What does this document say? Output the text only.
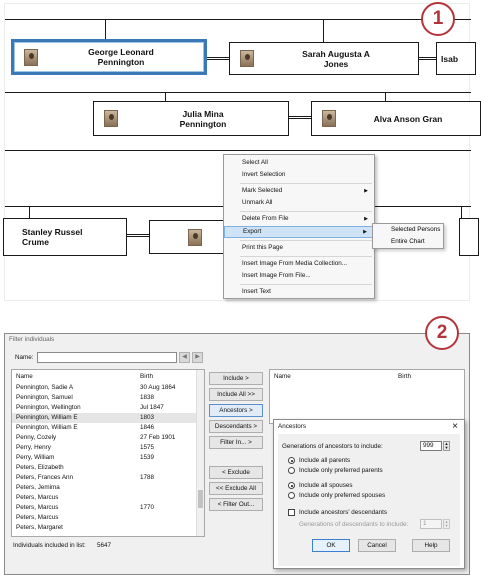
George Leonard
Pennington
Sarah Augusta A
Jones	Isab
Julia Mina
Pennington	Alva Anson Gran
Stanley Russel
Crume
1
Select All
Invert Selection
Mark Selected	▶
Unmark All
Delete From File	▶
Export	▶
Print this Page
Insert Image From Media Collection...
Insert Image From File...
Insert Text
Selected Persons
Entire Chart
Filter individuals
Name:	◀	▶
Name	Birth
Pennington, Sadie A	30 Aug 1864
Pennington, Samuel	1838
Pennington, Wellington	Jul 1847
Pennington, William E	1803
Pennington, William E	1846
Penny, Cozely	27 Feb 1901
Perry, Henry	1575
Perry, William	1539
Peters, Elizabeth
Peters, Frances Ann	1788
Peters, Jemima
Peters, Marcus
Peters, Marcus	1770
Peters, Marcus
Peters, Margaret
Individuals included in list: 5647
Include >
Include All >>
Ancestors >
Descendants >
Filter In... >
< Exclude
<< Exclude All
< Filter Out...
Name	Birth
2
Ancestors	×
Generations of ancestors to include:	999	▲
▼
Include all parents
Include only preferred parents
Include all spouses
Include only preferred spouses
Include ancestors' descendants
Generations of descendants to include:	1	▲
▼
OK	Cancel	Help
